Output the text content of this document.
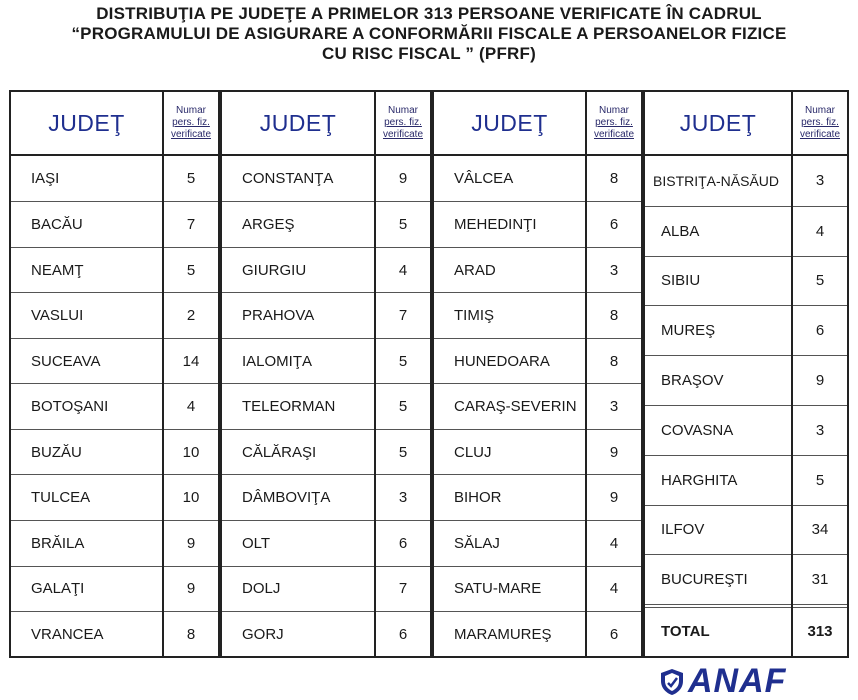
DISTRIBUŢIA PE JUDEŢE A PRIMELOR 313 PERSOANE VERIFICATE ÎN CADRUL
“PROGRAMULUI DE ASIGURARE A CONFORMĂRII FISCALE A PERSOANELOR FIZICE
CU RISC FISCAL ” (PFRF)
JUDEŢ	Numar
pers. fiz.
verificate

IAŞI	5
BACĂU	7
NEAMŢ	5
VASLUI	2
SUCEAVA	14
BOTOŞANI	4
BUZĂU	10
TULCEA	10
BRĂILA	9
GALAŢI	9
VRANCEA	8
JUDEŢ	Numar
pers. fiz.
verificate

CONSTANŢA	9
ARGEŞ	5
GIURGIU	4
PRAHOVA	7
IALOMIŢA	5
TELEORMAN	5
CĂLĂRAŞI	5
DÂMBOVIŢA	3
OLT	6
DOLJ	7
GORJ	6
JUDEŢ	Numar
pers. fiz.
verificate

VÂLCEA	8
MEHEDINŢI	6
ARAD	3
TIMIŞ	8
HUNEDOARA	8
CARAŞ-SEVERIN	3
CLUJ	9
BIHOR	9
SĂLAJ	4
SATU-MARE	4
MARAMUREŞ	6
JUDEŢ	Numar
pers. fiz.
verificate

BISTRIŢA-NĂSĂUD	3
ALBA	4
SIBIU	5
MUREŞ	6
BRAŞOV	9
COVASNA	3
HARGHITA	5
ILFOV	34
BUCUREŞTI	31

TOTAL	313
ANAF
